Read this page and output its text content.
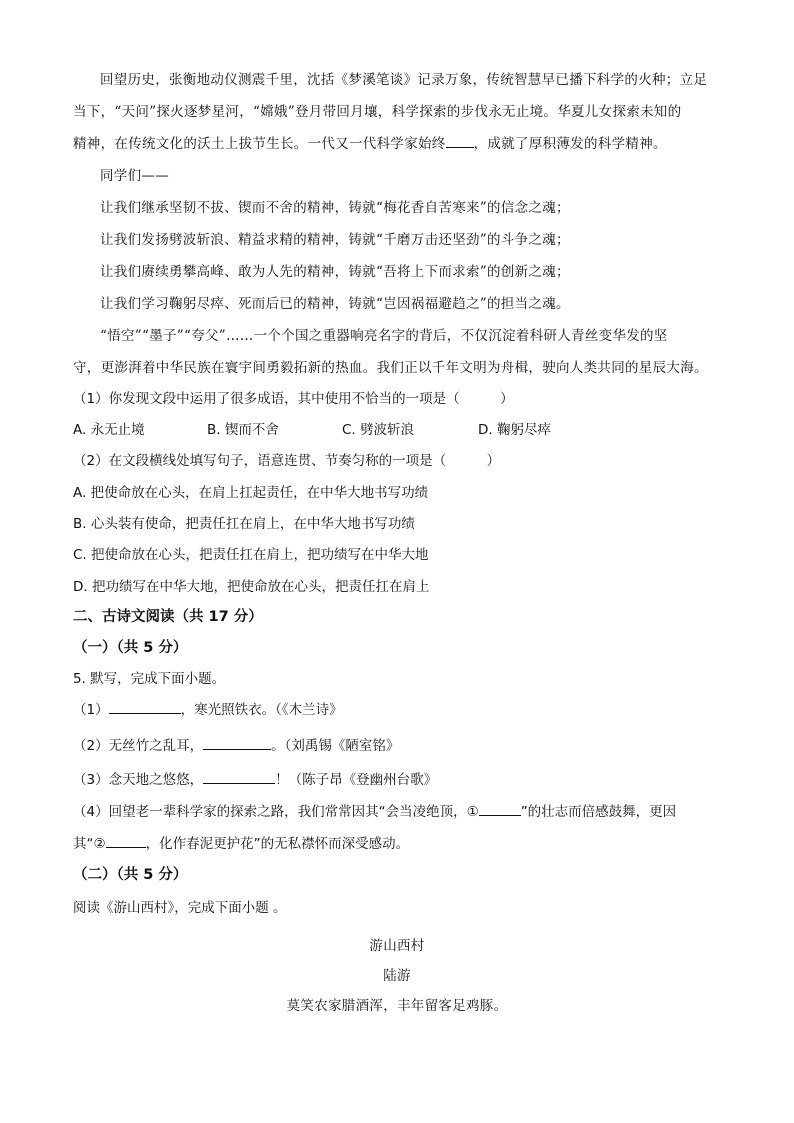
回望历史，张衡地动仪测震千里，沈括《梦溪笔谈》记录万象，传统智慧早已播下科学的火种；立足
当下，“天问”探火逐梦星河，“嫦娥”登月带回月壤，科学探索的步伐永无止境。华夏儿女探索未知的
精神，在传统文化的沃土上拔节生长。一代又一代科学家始终 ，成就了厚积薄发的科学精神。
同学们——
让我们继承坚韧不拔、锲而不舍的精神，铸就“梅花香自苦寒来”的信念之魂；
让我们发扬劈波斩浪、精益求精的精神，铸就“千磨万击还坚劲”的斗争之魂；
让我们赓续勇攀高峰、敢为人先的精神，铸就“吾将上下而求索”的创新之魂；
让我们学习鞠躬尽瘁、死而后已的精神，铸就“岂因祸福避趋之”的担当之魂。
“悟空”“墨子”“夸父”……一个个国之重器响亮名字的背后，不仅沉淀着科研人青丝变华发的坚
守，更澎湃着中华民族在寰宇间勇毅拓新的热血。我们正以千年文明为舟楫，驶向人类共同的星辰大海。
（1）你发现文段中运用了很多成语，其中使用不恰当的一项是（　　　）
A. 永无止境	B. 锲而不舍	C. 劈波斩浪	D. 鞠躬尽瘁
（2）在文段横线处填写句子，语意连贯、节奏匀称的一项是（　　　）
A. 把使命放在心头，在肩上扛起责任，在中华大地书写功绩
B. 心头装有使命，把责任扛在肩上，在中华大地书写功绩
C. 把使命放在心头，把责任扛在肩上，把功绩写在中华大地
D. 把功绩写在中华大地，把使命放在心头，把责任扛在肩上
二、古诗文阅读（共 17 分）
（一）（共 5 分）
5. 默写，完成下面小题。
（1）	，寒光照铁衣。（《木兰诗》
（2）无丝竹之乱耳，	。（刘禹锡《陋室铭》
（3）念天地之悠悠，	！（陈子昂《登幽州台歌》
（4）回望老一辈科学家的探索之路，我们常常因其“会当凌绝顶，①	”的壮志而倍感鼓舞，更因
其“②	，化作春泥更护花”的无私襟怀而深受感动。
（二）（共 5 分）
阅读《游山西村》，完成下面小题 。
游山西村
陆游
莫笑农家腊酒浑，丰年留客足鸡豚。
